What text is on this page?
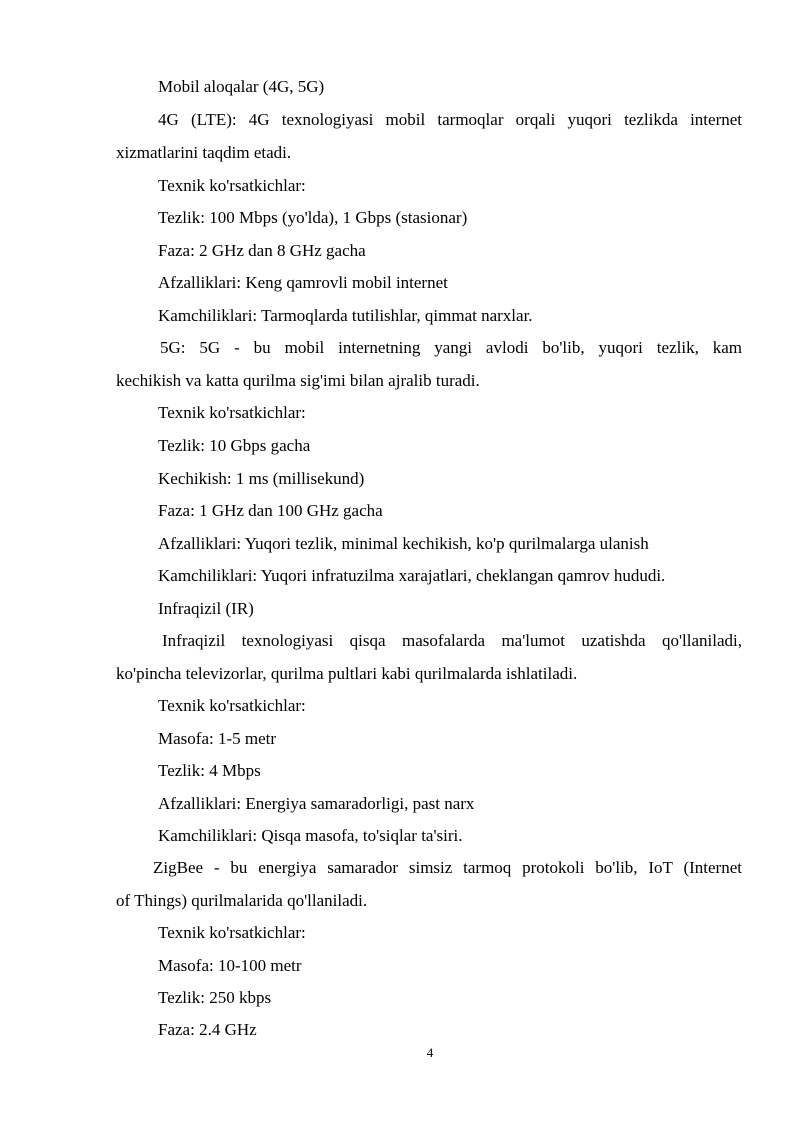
Mobil aloqalar (4G, 5G)
4G (LTE): 4G texnologiyasi mobil tarmoqlar orqali yuqori tezlikda internet
xizmatlarini taqdim etadi.
Texnik ko'rsatkichlar:
Tezlik: 100 Mbps (yo'lda), 1 Gbps (stasionar)
Faza: 2 GHz dan 8 GHz gacha
Afzalliklari: Keng qamrovli mobil internet
Kamchiliklari: Tarmoqlarda tutilishlar, qimmat narxlar.
5G: 5G - bu mobil internetning yangi avlodi bo'lib, yuqori tezlik, kam
kechikish va katta qurilma sig'imi bilan ajralib turadi.
Texnik ko'rsatkichlar:
Tezlik: 10 Gbps gacha
Kechikish: 1 ms (millisekund)
Faza: 1 GHz dan 100 GHz gacha
Afzalliklari: Yuqori tezlik, minimal kechikish, ko'p qurilmalarga ulanish
Kamchiliklari: Yuqori infratuzilma xarajatlari, cheklangan qamrov hududi.
Infraqizil (IR)
Infraqizil texnologiyasi qisqa masofalarda ma'lumot uzatishda qo'llaniladi,
ko'pincha televizorlar, qurilma pultlari kabi qurilmalarda ishlatiladi.
Texnik ko'rsatkichlar:
Masofa: 1-5 metr
Tezlik: 4 Mbps
Afzalliklari: Energiya samaradorligi, past narx
Kamchiliklari: Qisqa masofa, to'siqlar ta'siri.
ZigBee - bu energiya samarador simsiz tarmoq protokoli bo'lib, IoT (Internet
of Things) qurilmalarida qo'llaniladi.
Texnik ko'rsatkichlar:
Masofa: 10-100 metr
Tezlik: 250 kbps
Faza: 2.4 GHz
4
